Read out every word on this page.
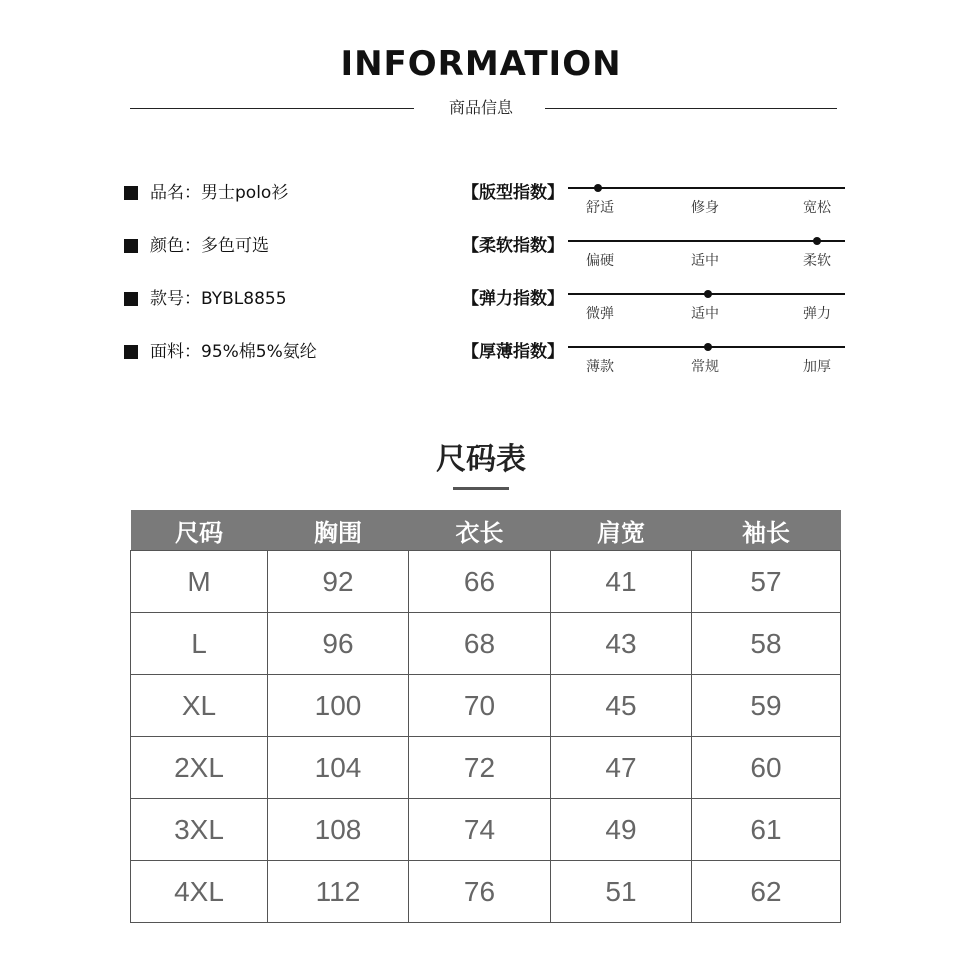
INFORMATION
商品信息
品名：男士polo衫
颜色：多色可选
款号：BYBL8855
面料：95%棉5%氨纶
【版型指数】
舒适	修身	宽松
【柔软指数】
偏硬	适中	柔软
【弹力指数】
微弹	适中	弹力
【厚薄指数】
薄款	常规	加厚
尺码表
尺码	胸围	衣长	肩宽	袖长
M	92	66	41	57
L	96	68	43	58
XL	100	70	45	59
2XL	104	72	47	60
3XL	108	74	49	61
4XL	112	76	51	62
